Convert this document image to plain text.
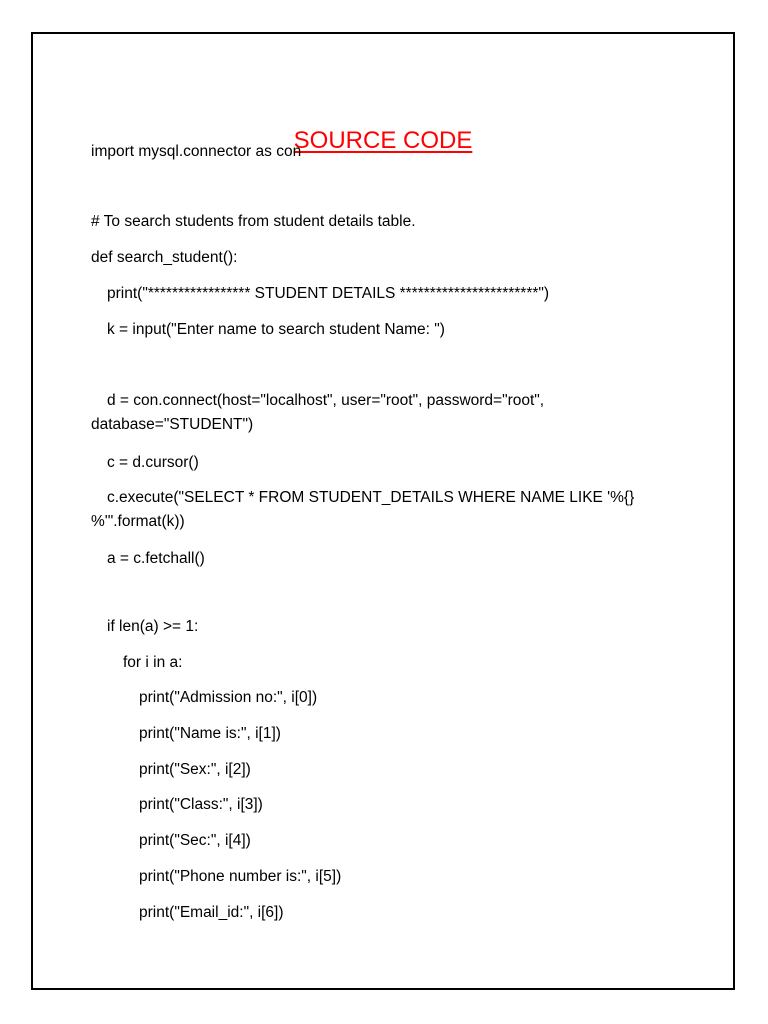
SOURCE CODE
import mysql.connector as con
# To search students from student details table.
def search_student():
print("***************** STUDENT DETAILS ***********************")
k = input("Enter name to search student Name: ")
d = con.connect(host="localhost", user="root", password="root",
database="STUDENT")
c = d.cursor()
c.execute("SELECT * FROM STUDENT_DETAILS WHERE NAME LIKE '%{}
%'".format(k))
a = c.fetchall()
if len(a) >= 1:
for i in a:
print("Admission no:", i[0])
print("Name is:", i[1])
print("Sex:", i[2])
print("Class:", i[3])
print("Sec:", i[4])
print("Phone number is:", i[5])
print("Email_id:", i[6])
